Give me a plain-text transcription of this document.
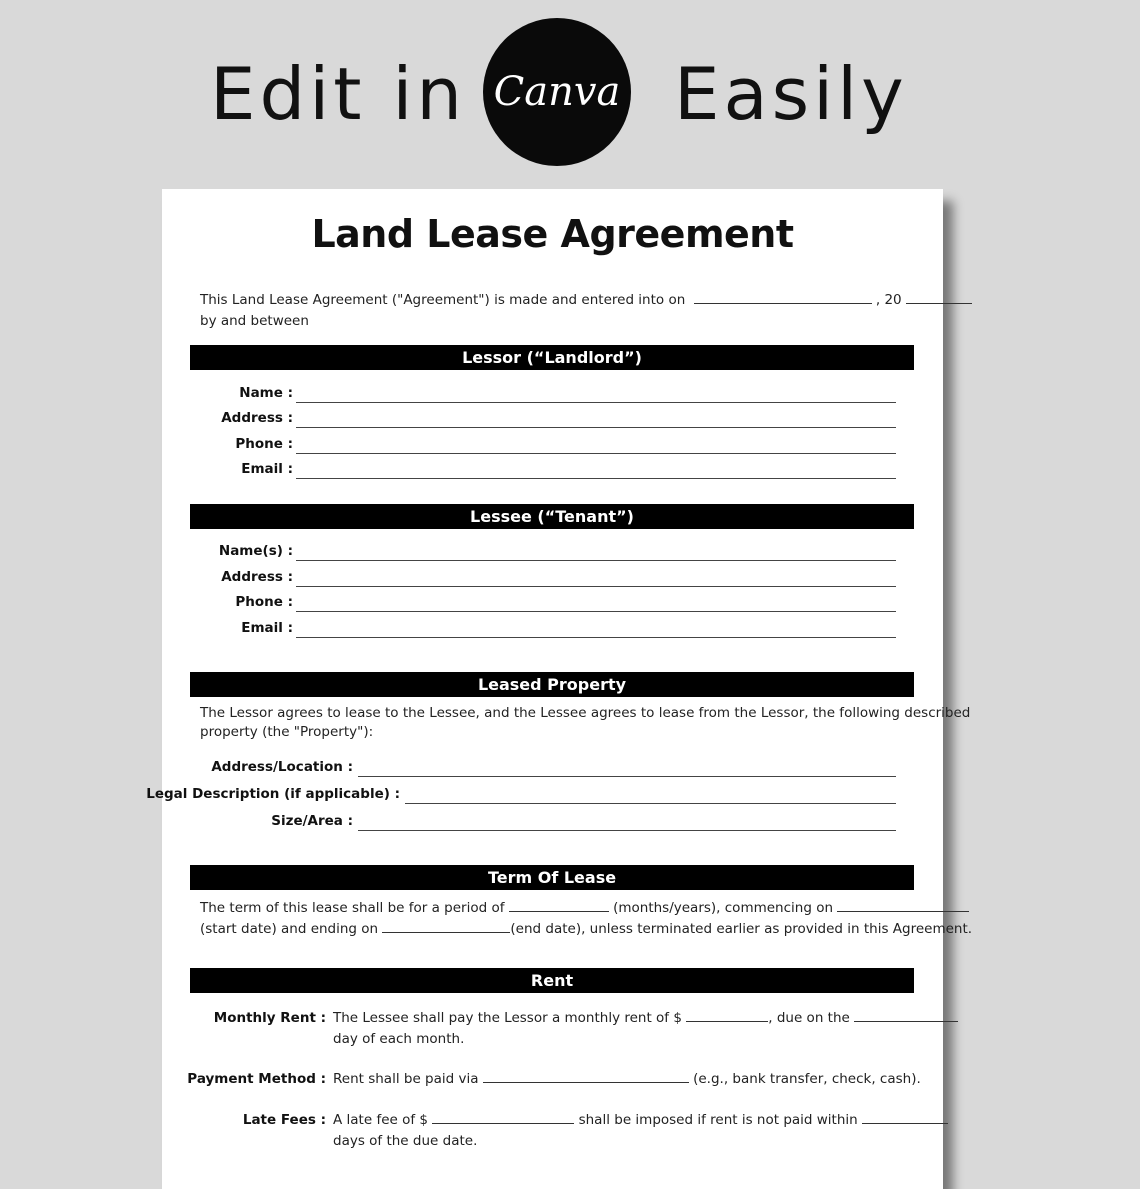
Edit in Canva Easily
Land Lease Agreement
This Land Lease Agreement ("Agreement") is made and entered into on	, 20
by and between
Lessor (“Landlord”)
Name :
Address :
Phone :
Email :
Lessee (“Tenant”)
Name(s) :
Address :
Phone :
Email :
Leased Property
The Lessor agrees to lease to the Lessee, and the Lessee agrees to lease from the Lessor, the following described
property (the "Property"):
Address/Location :
Legal Description (if applicable) :
Size/Area :
Term Of Lease
The term of this lease shall be for a period of	(months/years), commencing on
(start date) and ending on	(end date), unless terminated earlier as provided in this Agreement.
Rent
Monthly Rent : The Lessee shall pay the Lessor a monthly rent of $	, due on the
day of each month.
Payment Method : Rent shall be paid via	(e.g., bank transfer, check, cash).
Late Fees : A late fee of $	shall be imposed if rent is not paid within
days of the due date.
